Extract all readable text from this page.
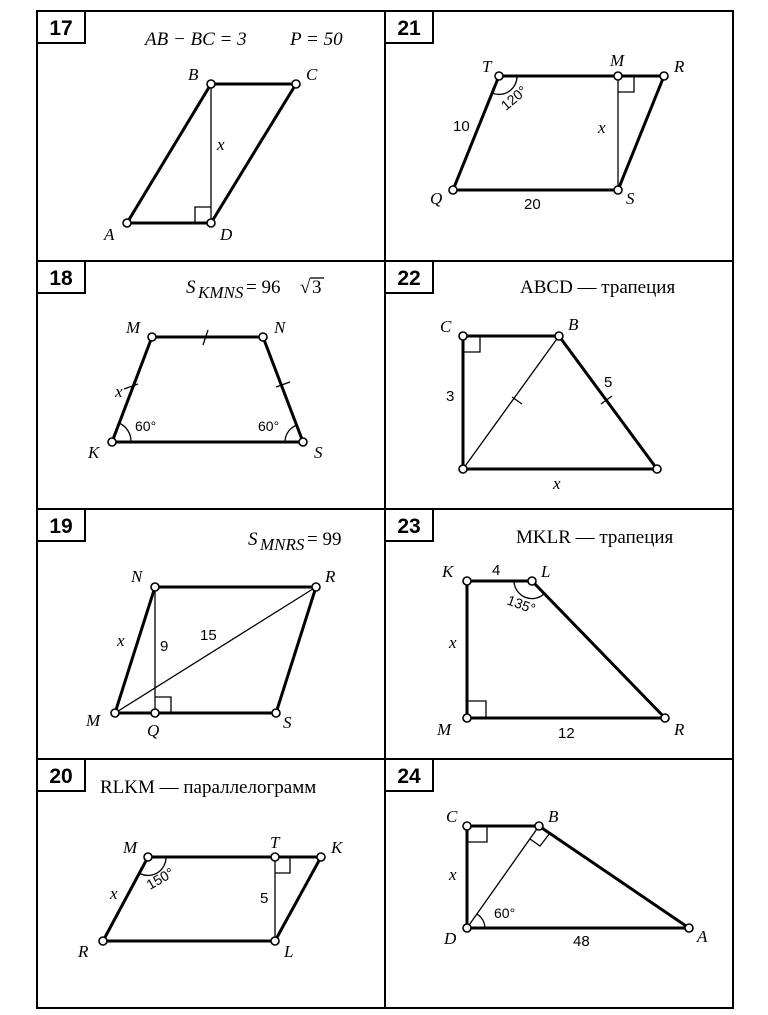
17	AB − BC = 3 P = 50
B	C
A	D
x
21
T	M	R
Q	S
10
20
120°
x
18	S KMNS = 96 √ 3
M	N
K	S
60°	60°
x
22	ABCD — трапеция
C	B
3
5
x
19
S MNRS = 99
N	R
M
Q	S
9
15
x
23	MKLR — трапеция
K	L
M	R
4
12
135°
x
20 RLKM — параллелограмм
M	T	K
R	L
5
150°
x
24
C	B
D	A
48
60°
x
